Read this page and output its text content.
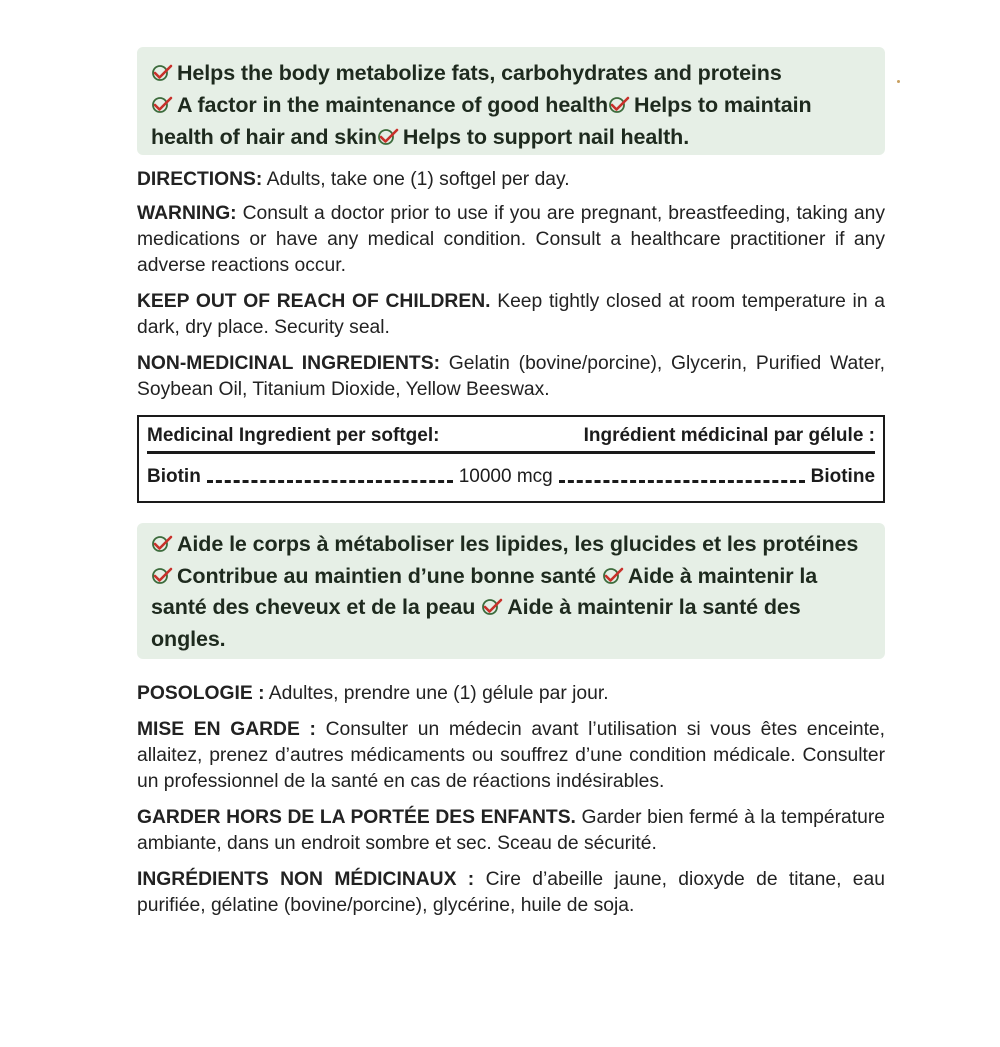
Helps the body metabolize fats, carbohydrates and proteins

A factor in the maintenance of good health Helps to maintain health of hair and skin Helps to support nail health.

DIRECTIONS: Adults, take one (1) softgel per day.

WARNING: Consult a doctor prior to use if you are pregnant, breastfeeding, taking any medications or have any medical condition. Consult a healthcare practitioner if any adverse reactions occur.

KEEP OUT OF REACH OF CHILDREN. Keep tightly closed at room temperature in a dark, dry place. Security seal.

NON-MEDICINAL INGREDIENTS: Gelatin (bovine/porcine), Glycerin, Purified Water, Soybean Oil, Titanium Dioxide, Yellow Beeswax.

Medicinal Ingredient per softgel:	Ingrédient médicinal par gélule :
Biotin	10000 mcg	Biotine
Aide le corps à métaboliser les lipides, les glucides et les protéines
Contribue au maintien d’une bonne santé Aide à maintenir la santé des cheveux et de la peau Aide à maintenir la santé des ongles.

POSOLOGIE : Adultes, prendre une (1) gélule par jour.

MISE EN GARDE : Consulter un médecin avant l’utilisation si vous êtes enceinte, allaitez, prenez d’autres médicaments ou souffrez d’une condition médicale. Consulter un professionnel de la santé en cas de réactions indésirables.

GARDER HORS DE LA PORTÉE DES ENFANTS. Garder bien fermé à la température ambiante, dans un endroit sombre et sec. Sceau de sécurité.

INGRÉDIENTS NON MÉDICINAUX : Cire d’abeille jaune, dioxyde de titane, eau purifiée, gélatine (bovine/porcine), glycérine, huile de soja.
